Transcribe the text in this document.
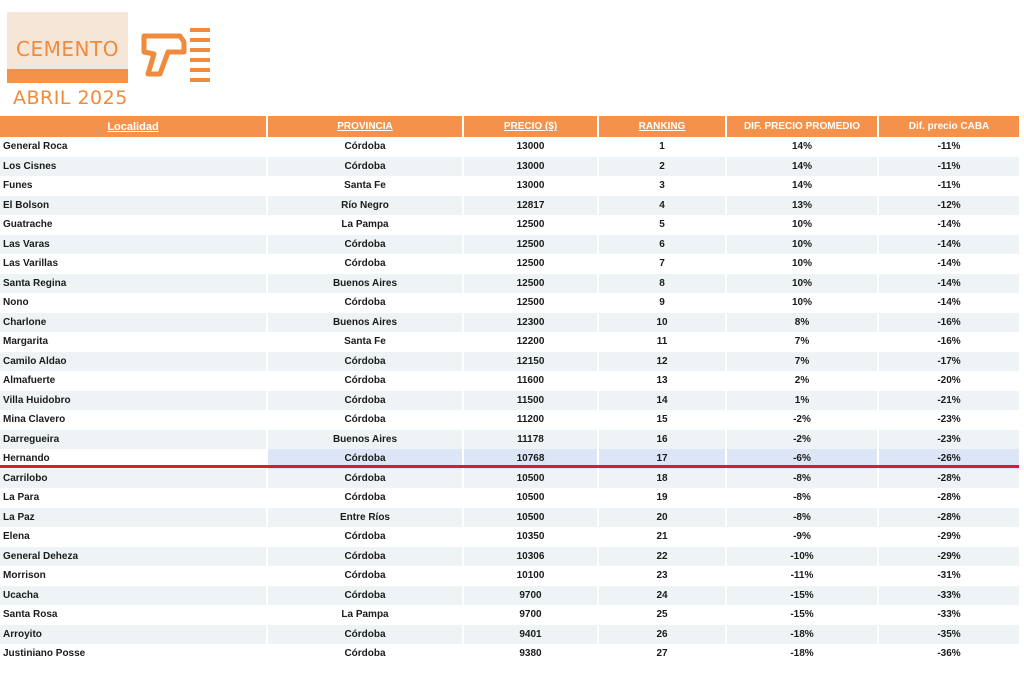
CEMENTO
ABRIL 2025
Localidad	PROVINCIA	PRECIO ($)	RANKING	DIF. PRECIO PROMEDIO	Dif. precio CABA
General Roca	Córdoba	13000	1	14%	-11%
Los Cisnes	Córdoba	13000	2	14%	-11%
Funes	Santa Fe	13000	3	14%	-11%
El Bolson	Río Negro	12817	4	13%	-12%
Guatrache	La Pampa	12500	5	10%	-14%
Las Varas	Córdoba	12500	6	10%	-14%
Las Varillas	Córdoba	12500	7	10%	-14%
Santa Regina	Buenos Aires	12500	8	10%	-14%
Nono	Córdoba	12500	9	10%	-14%
Charlone	Buenos Aires	12300	10	8%	-16%
Margarita	Santa Fe	12200	11	7%	-16%
Camilo Aldao	Córdoba	12150	12	7%	-17%
Almafuerte	Córdoba	11600	13	2%	-20%
Villa Huidobro	Córdoba	11500	14	1%	-21%
Mina Clavero	Córdoba	11200	15	-2%	-23%
Darregueira	Buenos Aires	11178	16	-2%	-23%
Hernando	Córdoba	10768	17	-6%	-26%
Carrilobo	Córdoba	10500	18	-8%	-28%
La Para	Córdoba	10500	19	-8%	-28%
La Paz	Entre Ríos	10500	20	-8%	-28%
Elena	Córdoba	10350	21	-9%	-29%
General Deheza	Córdoba	10306	22	-10%	-29%
Morrison	Córdoba	10100	23	-11%	-31%
Ucacha	Córdoba	9700	24	-15%	-33%
Santa Rosa	La Pampa	9700	25	-15%	-33%
Arroyito	Córdoba	9401	26	-18%	-35%
Justiniano Posse	Córdoba	9380	27	-18%	-36%
